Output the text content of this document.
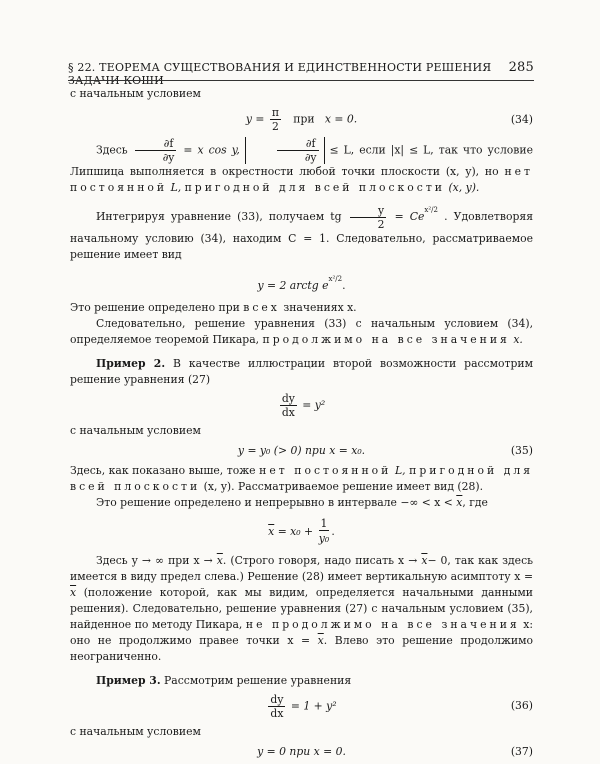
§ 22. ТЕОРЕМА СУЩЕСТВОВАНИЯ И ЕДИНСТВЕННОСТИ РЕШЕНИЯ ЗАДАЧИ КОШИ
285

с начальным условием

$y = \frac{\pi}{2}$ при x = 0.	(34)

Здесь $\frac{\partial f}{\partial y} = x$ cos y,	$\frac{\partial f}{\partial y} \le L$, если |x| ≤ L, так что условие Липшица выполняется в окрестности любой точки плоскости (x, y), но нет постоянной L, пригодной для всей плоскости (x, y).

Интегрируя уравнение (33), получаем tg $\frac{y}{2} = Ce^{x^2/2}$ . Удовлетворяя начальному условию (34), находим C = 1. Следовательно, рассматриваемое решение имеет вид

y = 2 arctg $e^{x^2/2}$.

Это решение определено при всех значениях x.

Следовательно, решение уравнения (33) с начальным условием (34), определяемое теоремой Пикара, продолжимо на все значения x.

Пример 2. В качестве иллюстрации второй возможности рассмотрим решение уравнения (27)

$\frac{dy}{dx} = y^2$

с начальным условием

y = y₀ (> 0) при x = x₀.	(35)

Здесь, как показано выше, тоже нет постоянной L, пригодной для всей плоскости (x, y). Рассматриваемое решение имеет вид (28).

Это решение определено и непрерывно в интервале −∞ < $x < \overline{x}$, где

$\overline{x} = x_0 + \frac{1}{\text{y₀}}$ .

Здесь y → ∞ при $x \to \overline{x}$. (Строго говоря, надо писать $x \to \overline{x}- 0$, так как здесь имеется в виду предел слева.) Решение (28) имеет вертикальную асимптоту $x = \overline{x}$ (положение которой, как мы видим, определяется начальными данными решения). Следовательно, решение уравнения (27) с начальным условием (35), найденное по методу Пикара, не продолжимо на все значения x: оно не продолжимо правее точки $x = \overline{x}$. Влево это решение продолжимо неограниченно.

Пример 3. Рассмотрим решение уравнения

$\frac{dy}{dx} = 1 + y^2$	(36)

с начальным условием

y = 0 при x = 0.	(37)
